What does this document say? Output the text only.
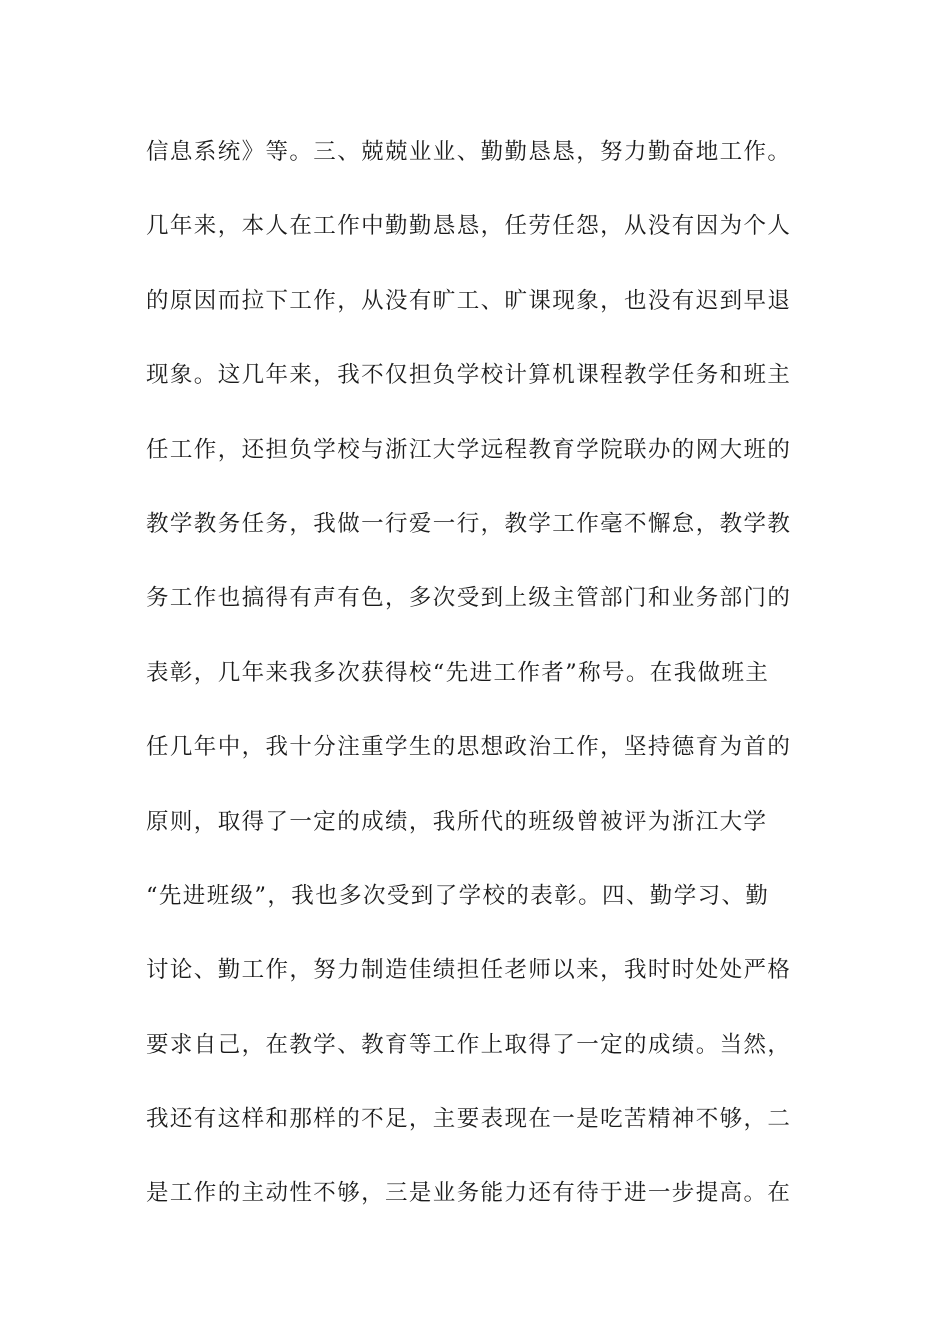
信息系统》等。三、兢兢业业、勤勤恳恳，努力勤奋地工作。
几年来，本人在工作中勤勤恳恳，任劳任怨，从没有因为个人
的原因而拉下工作，从没有旷工、旷课现象，也没有迟到早退
现象。这几年来，我不仅担负学校计算机课程教学任务和班主
任工作，还担负学校与浙江大学远程教育学院联办的网大班的
教学教务任务，我做一行爱一行，教学工作毫不懈怠，教学教
务工作也搞得有声有色，多次受到上级主管部门和业务部门的
表彰，几年来我多次获得校“先进工作者”称号。在我做班主
任几年中，我十分注重学生的思想政治工作，坚持德育为首的
原则，取得了一定的成绩，我所代的班级曾被评为浙江大学
“先进班级”，我也多次受到了学校的表彰。四、勤学习、勤
讨论、勤工作，努力制造佳绩担任老师以来，我时时处处严格
要求自己，在教学、教育等工作上取得了一定的成绩。当然，
我还有这样和那样的不足，主要表现在一是吃苦精神不够，二
是工作的主动性不够，三是业务能力还有待于进一步提高。在
